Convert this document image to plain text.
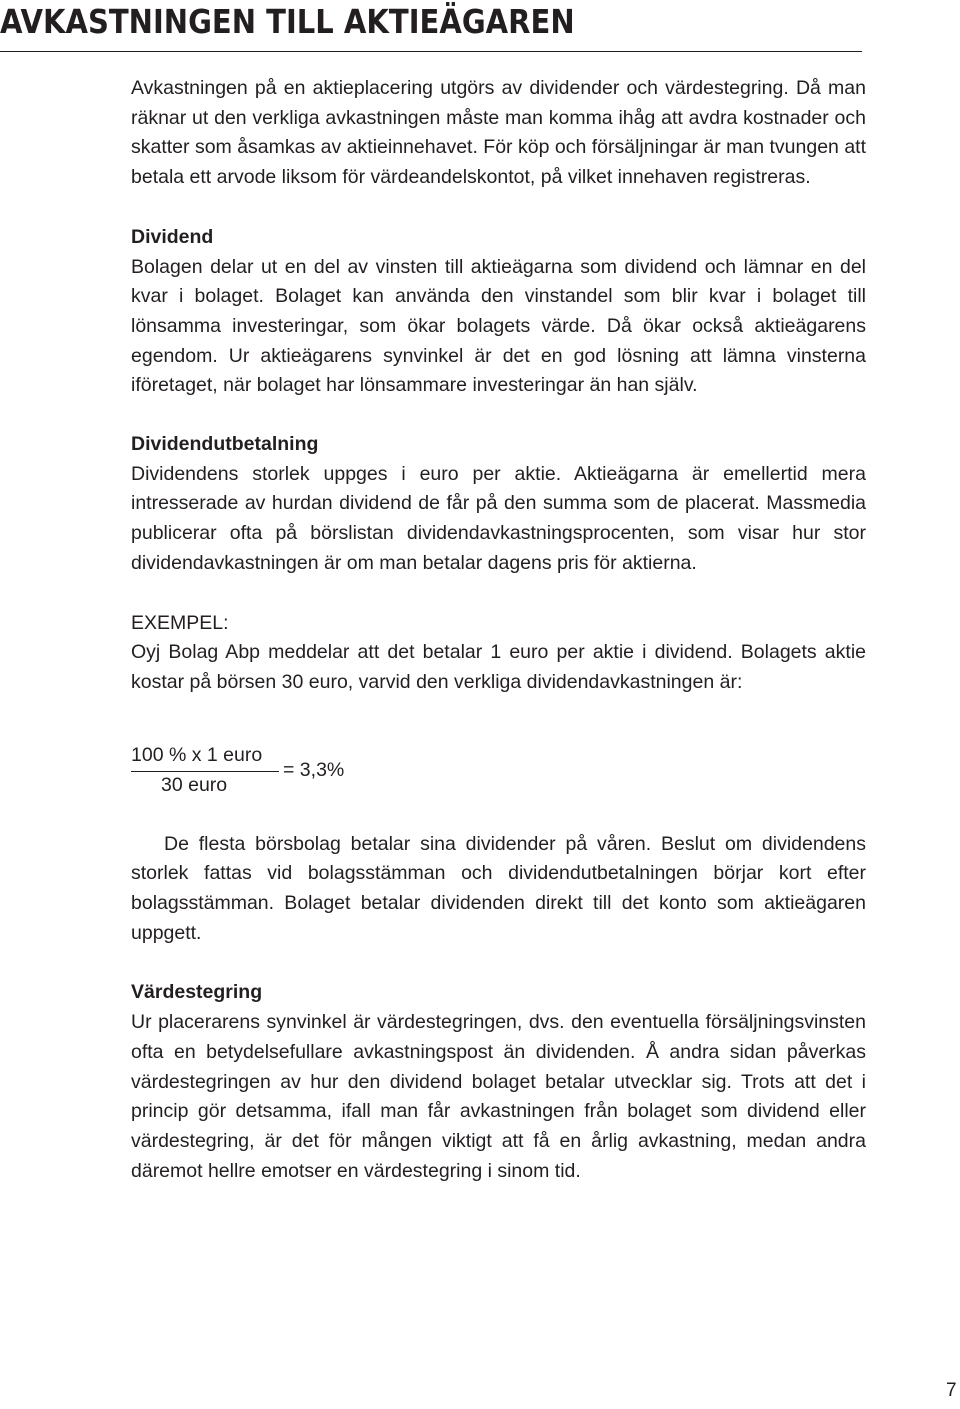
AVKASTNINGEN TILL AKTIEÄGAREN

Avkastningen på en aktieplacering utgörs av dividender och värdestegring. Då man räknar ut den verkliga avkastningen måste man komma ihåg att avdra kostnader och skatter som åsamkas av aktieinnehavet. För köp och försäljningar är man tvungen att betala ett arvode liksom för värdeandelskontot, på vilket innehaven registreras.

Dividend

Bolagen delar ut en del av vinsten till aktieägarna som dividend och lämnar en del kvar i bolaget. Bolaget kan använda den vinstandel som blir kvar i bolaget till lönsamma investeringar, som ökar bolagets värde. Då ökar också aktieägarens egendom. Ur aktieägarens synvinkel är det en god lösning att lämna vinsterna iföretaget, när bolaget har lönsammare investeringar än han själv.

Dividendutbetalning

Dividendens storlek uppges i euro per aktie. Aktieägarna är emellertid mera intresserade av hurdan dividend de får på den summa som de placerat. Massmedia publicerar ofta på börslistan dividendavkastningsprocenten, som visar hur stor dividendavkastningen är om man betalar dagens pris för aktierna.

EXEMPEL:

Oyj Bolag Abp meddelar att det betalar 1 euro per aktie i dividend. Bolagets aktie kostar på börsen 30 euro, varvid den verkliga dividendavkastningen är:

100 % x 1 euro
30 euro
= 3,3%

De flesta börsbolag betalar sina dividender på våren. Beslut om dividendens storlek fattas vid bolagsstämman och dividendutbetalningen börjar kort efter bolagsstämman. Bolaget betalar dividenden direkt till det konto som aktieägaren uppgett.

Värdestegring

Ur placerarens synvinkel är värdestegringen, dvs. den eventuella försäljningsvinsten ofta en betydelsefullare avkastningspost än dividenden. Å andra sidan påverkas värdestegringen av hur den dividend bolaget betalar utvecklar sig. Trots att det i princip gör detsamma, ifall man får avkastningen från bolaget som dividend eller värdestegring, är det för mången viktigt att få en årlig avkastning, medan andra däremot hellre emotser en värdestegring i sinom tid.

7
